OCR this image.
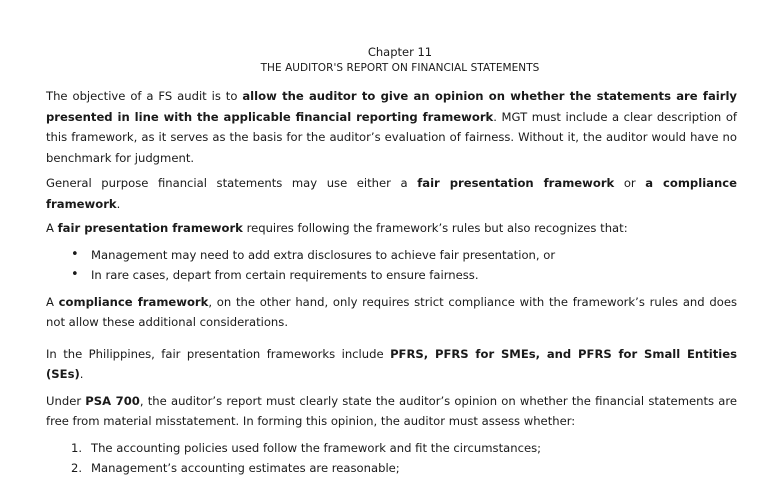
Chapter 11
THE AUDITOR'S REPORT ON FINANCIAL STATEMENTS

The objective of a FS audit is to allow the auditor to give an opinion on whether the statements are fairly presented in line with the applicable financial reporting framework. MGT must include a clear description of this framework, as it serves as the basis for the auditor’s evaluation of fairness. Without it, the auditor would have no benchmark for judgment.

General purpose financial statements may use either a fair presentation framework or a compliance framework.

A fair presentation framework requires following the framework’s rules but also recognizes that:

• Management may need to add extra disclosures to achieve fair presentation, or
• In rare cases, depart from certain requirements to ensure fairness.

A compliance framework, on the other hand, only requires strict compliance with the framework’s rules and does not allow these additional considerations.

In the Philippines, fair presentation frameworks include PFRS, PFRS for SMEs, and PFRS for Small Entities (SEs).

Under PSA 700, the auditor’s report must clearly state the auditor’s opinion on whether the financial statements are free from material misstatement. In forming this opinion, the auditor must assess whether:

1. The accounting policies used follow the framework and fit the circumstances;
2. Management’s accounting estimates are reasonable;
